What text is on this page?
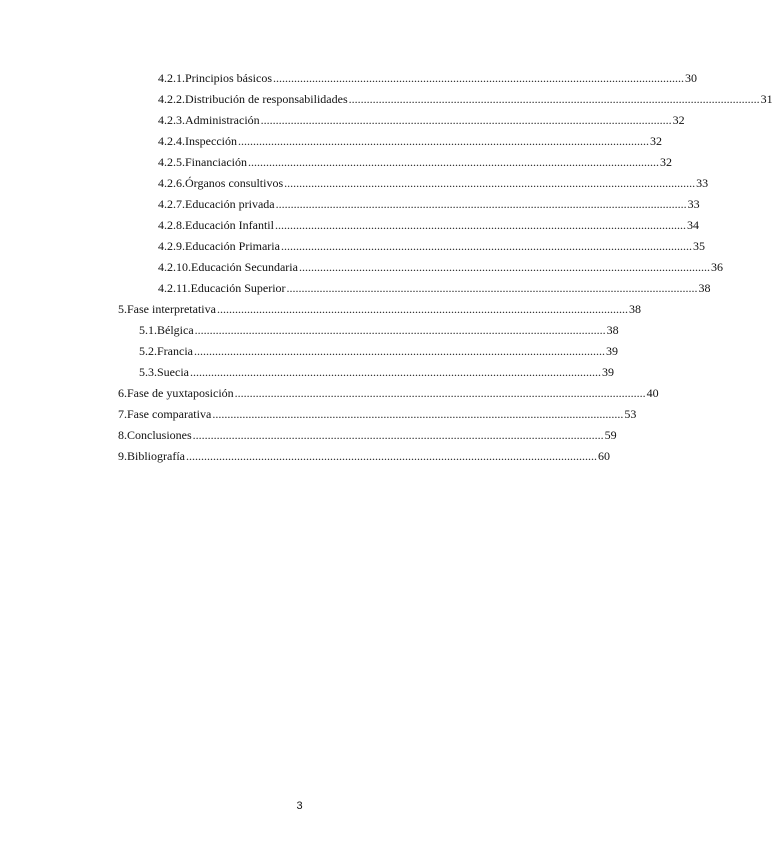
4.2.1. Principios básicos ......................................................................................................................................... 30
4.2.2. Distribución de responsabilidades ......................................................................................................................................... 31
4.2.3. Administración ......................................................................................................................................... 32
4.2.4. Inspección ......................................................................................................................................... 32
4.2.5. Financiación ......................................................................................................................................... 32
4.2.6. Órganos consultivos ......................................................................................................................................... 33
4.2.7. Educación privada ......................................................................................................................................... 33
4.2.8. Educación Infantil ......................................................................................................................................... 34
4.2.9. Educación Primaria ......................................................................................................................................... 35
4.2.10. Educación Secundaria ......................................................................................................................................... 36
4.2.11. Educación Superior ......................................................................................................................................... 38
5. Fase interpretativa ......................................................................................................................................... 38
5.1. Bélgica ......................................................................................................................................... 38
5.2. Francia ......................................................................................................................................... 39
5.3. Suecia ......................................................................................................................................... 39
6. Fase de yuxtaposición ......................................................................................................................................... 40
7. Fase comparativa ......................................................................................................................................... 53
8. Conclusiones ......................................................................................................................................... 59
9. Bibliografía ......................................................................................................................................... 60
3
